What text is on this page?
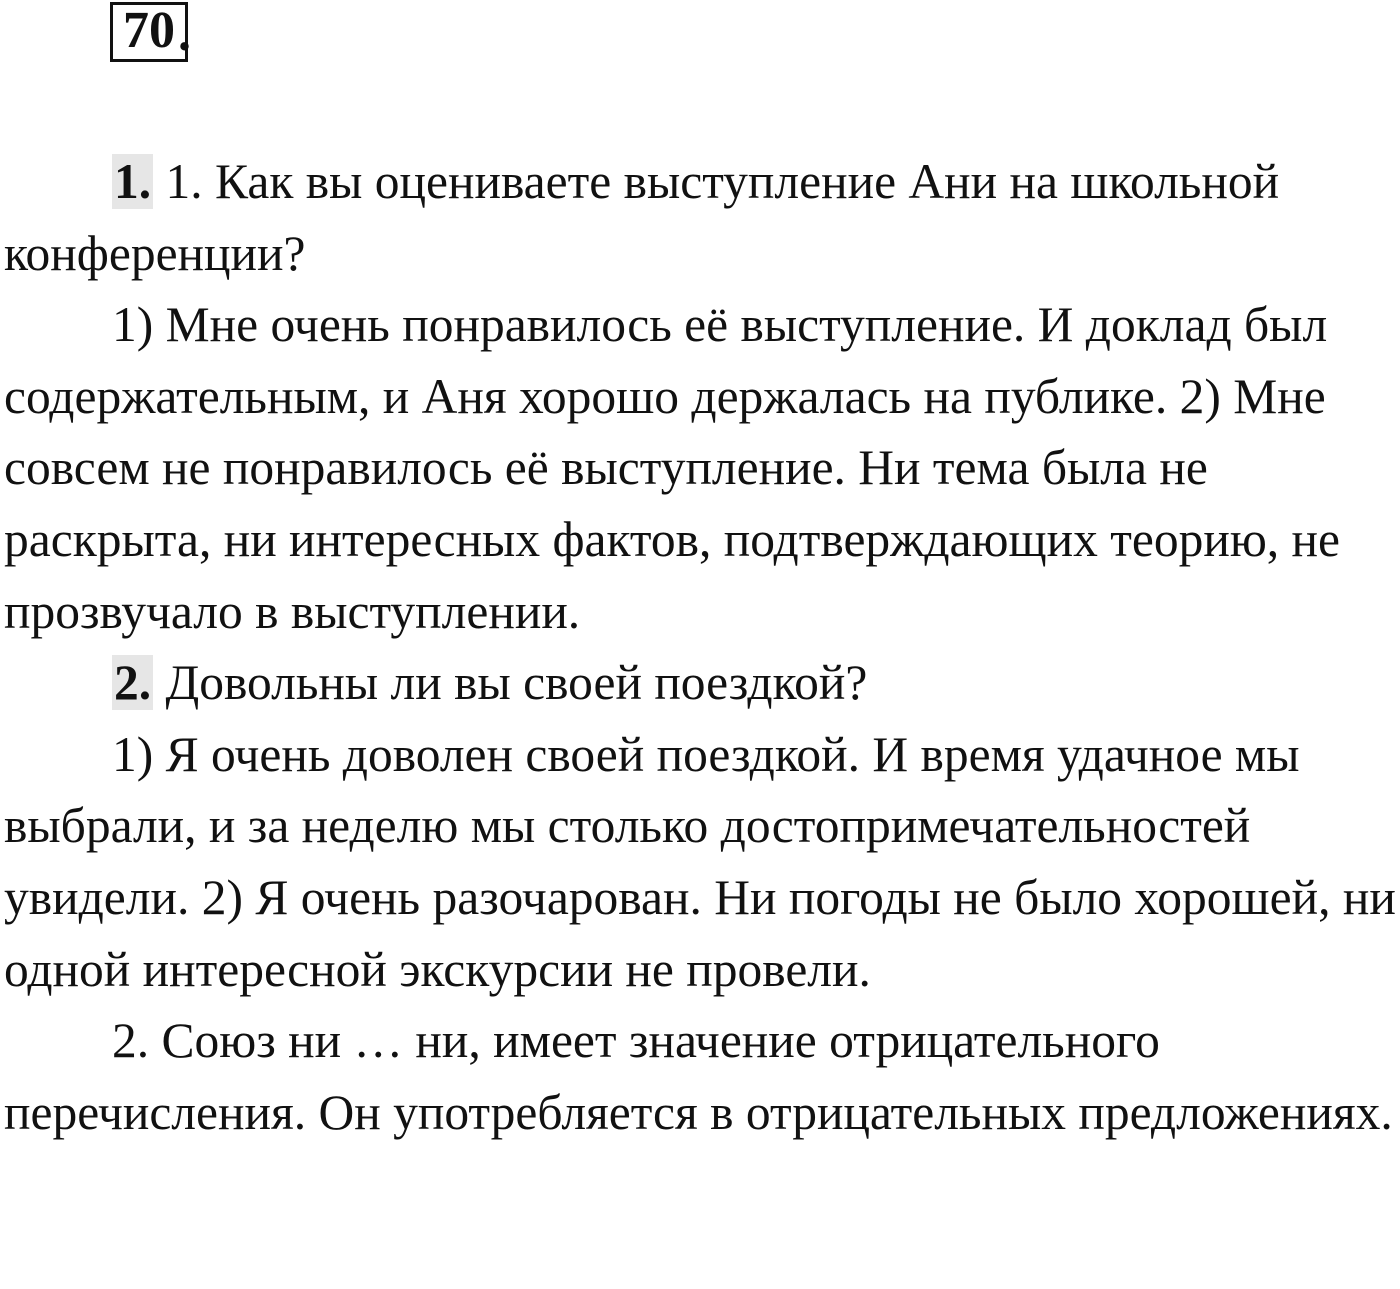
70 .

1. 1. Как вы оцениваете выступление Ани на школьной конференции?

1) Мне очень понравилось её выступление. И доклад был содержательным, и Аня хорошо держалась на публике. 2) Мне совсем не понравилось её выступление. Ни тема была не раскрыта, ни интересных фактов, подтверждающих теорию, не прозвучало в выступлении.

2. Довольны ли вы своей поездкой?

1) Я очень доволен своей поездкой. И время удачное мы выбрали, и за неделю мы столько достопримечательностей увидели. 2) Я очень разочарован. Ни погоды не было хорошей, ни одной интересной экскурсии не провели.

2. Союз ни … ни, имеет значение отрицательного перечисления. Он употребляется в отрицательных предложениях.
